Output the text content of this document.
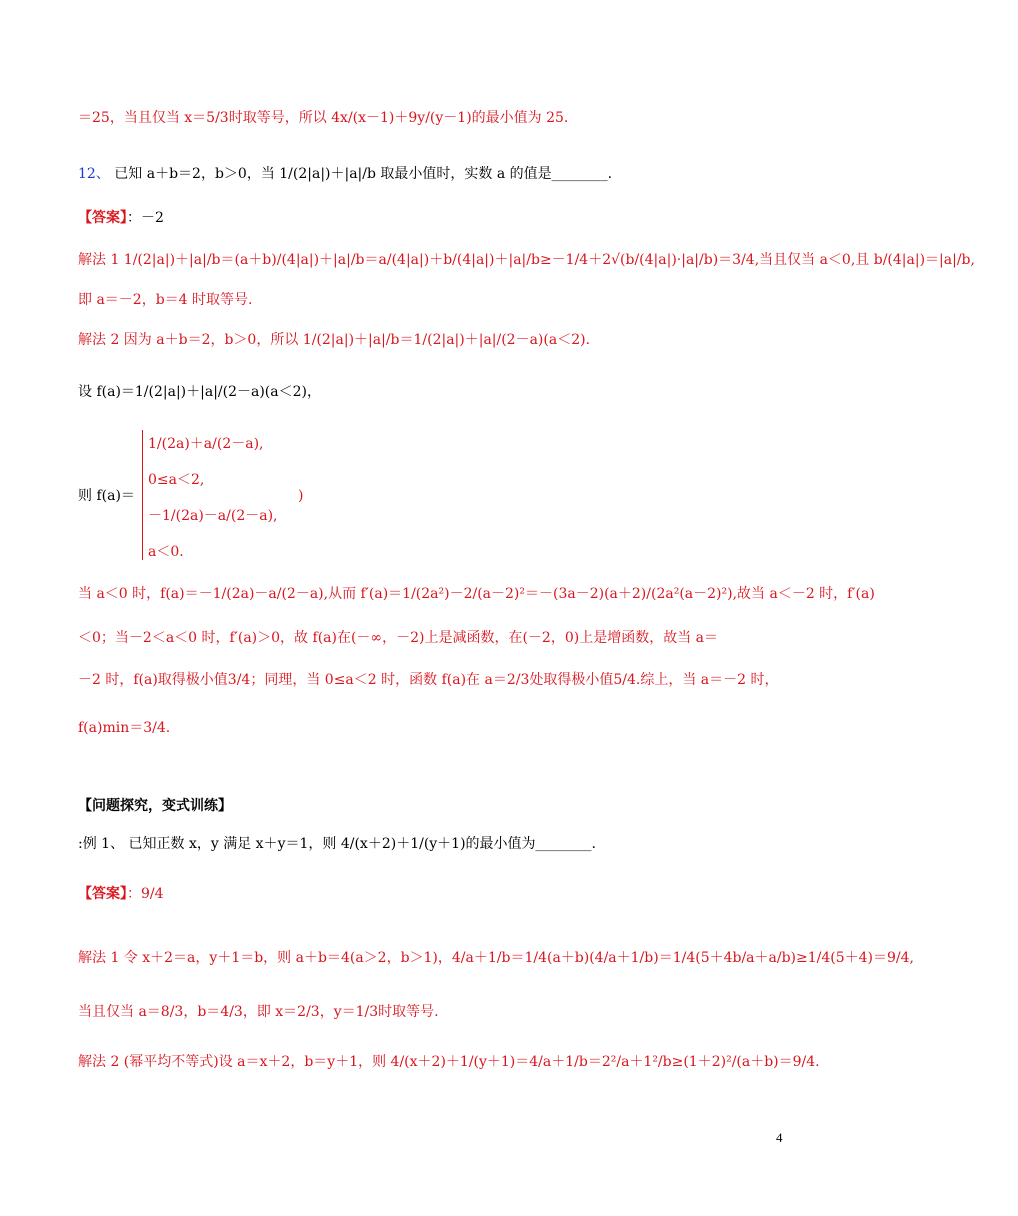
＝25，当且仅当 x＝5/3时取等号，所以 4x/(x－1)＋9y/(y－1)的最小值为 25.
12、 已知 a＋b＝2，b＞0，当 1/(2|a|)＋|a|/b 取最小值时，实数 a 的值是________.
【答案】：－2
解法 1 1/(2|a|)＋|a|/b＝(a＋b)/(4|a|)＋|a|/b＝a/(4|a|)＋b/(4|a|)＋|a|/b≥－1/4＋2√(b/(4|a|)·|a|/b)＝3/4,当且仅当 a＜0,且 b/(4|a|)＝|a|/b,
即 a＝－2，b＝4 时取等号.
解法 2 因为 a＋b＝2，b＞0，所以 1/(2|a|)＋|a|/b＝1/(2|a|)＋|a|/(2－a)(a＜2).
设 f(a)＝1/(2|a|)＋|a|/(2－a)(a＜2)，
则 f(a)＝
1/(2a)＋a/(2－a),
0≤a＜2,
－1/(2a)－a/(2－a),
a＜0.
)
当 a＜0 时，f(a)＝－1/(2a)－a/(2－a),从而 f′(a)＝1/(2a²)－2/(a－2)²＝－(3a－2)(a＋2)/(2a²(a－2)²),故当 a＜－2 时，f′(a)
＜0；当－2＜a＜0 时，f′(a)＞0，故 f(a)在(－∞，－2)上是减函数，在(－2，0)上是增函数，故当 a＝
－2 时，f(a)取得极小值3/4；同理，当 0≤a＜2 时，函数 f(a)在 a＝2/3处取得极小值5/4.综上，当 a＝－2 时，
f(a)min＝3/4.
【问题探究，变式训练】
:例 1、 已知正数 x，y 满足 x＋y＝1，则 4/(x＋2)＋1/(y＋1)的最小值为________.
【答案】：9/4
解法 1 令 x＋2＝a，y＋1＝b，则 a＋b＝4(a＞2，b＞1)，4/a＋1/b＝1/4(a＋b)(4/a＋1/b)＝1/4(5＋4b/a＋a/b)≥1/4(5＋4)＝9/4,
当且仅当 a＝8/3，b＝4/3，即 x＝2/3，y＝1/3时取等号.
解法 2 (幂平均不等式)设 a＝x＋2，b＝y＋1，则 4/(x＋2)＋1/(y＋1)＝4/a＋1/b＝2²/a＋1²/b≥(1＋2)²/(a＋b)＝9/4.
4
